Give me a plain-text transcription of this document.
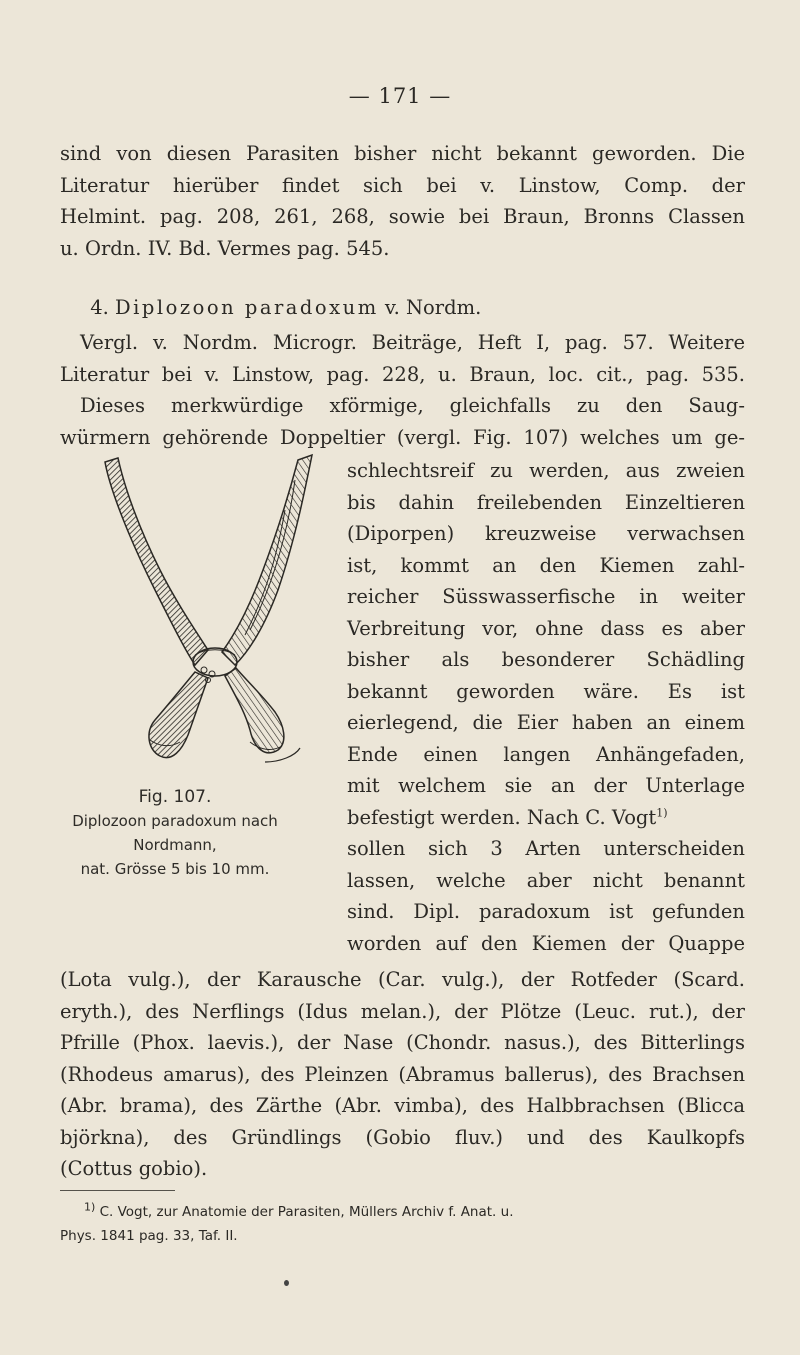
— 171 —
sind von diesen Parasiten bisher nicht bekannt geworden. Die
Literatur hierüber findet sich bei v. Linstow, Comp. der
Helmint. pag. 208, 261, 268, sowie bei Braun, Bronns Classen
u. Ordn. IV. Bd. Vermes pag. 545.
4. Diplozoon paradoxum v. Nordm.
Vergl. v. Nordm. Microgr. Beiträge, Heft I, pag. 57. Weitere
Literatur bei v. Linstow, pag. 228, u. Braun, loc. cit., pag. 535.
Dieses merkwürdige xförmige, gleichfalls zu den Saug-
würmern gehörende Doppeltier (vergl. Fig. 107) welches um ge-
Fig. 107.
Diplozoon paradoxum nach
Nordmann,
nat. Grösse 5 bis 10 mm.
schlechtsreif zu werden, aus zweien
bis dahin freilebenden Einzeltieren
(Diporpen) kreuzweise verwachsen
ist, kommt an den Kiemen zahl-
reicher Süsswasserfische in weiter
Verbreitung vor, ohne dass es aber
bisher als besonderer Schädling
bekannt geworden wäre. Es ist
eierlegend, die Eier haben an einem
Ende einen langen Anhängefaden,
mit welchem sie an der Unterlage
befestigt werden. Nach C. Vogt$^{1)}$
sollen sich 3 Arten unterscheiden
lassen, welche aber nicht benannt
sind. Dipl. paradoxum ist gefunden
worden auf den Kiemen der Quappe
(Lota vulg.), der Karausche (Car. vulg.), der Rotfeder (Scard.
eryth.), des Nerflings (Idus melan.), der Plötze (Leuc. rut.), der
Pfrille (Phox. laevis.), der Nase (Chondr. nasus.), des Bitterlings
(Rhodeus amarus), des Pleinzen (Abramus ballerus), des Brachsen
(Abr. brama), des Zärthe (Abr. vimba), des Halbbrachsen (Blicca
björkna), des Gründlings (Gobio fluv.) und des Kaulkopfs
(Cottus gobio).
$^{1)}$ C. Vogt, zur Anatomie der Parasiten, Müllers Archiv f. Anat. u.
Phys. 1841 pag. 33, Taf. II.
